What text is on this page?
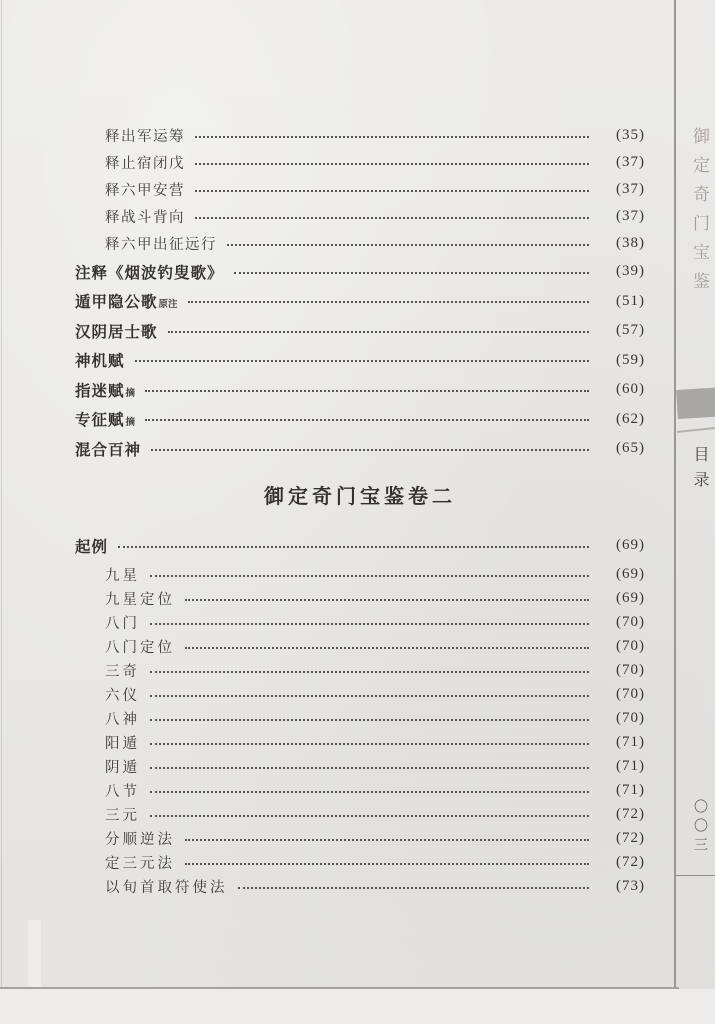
释出军运筹	(35)
释止宿闭戊	(37)
释六甲安营	(37)
释战斗背向	(37)
释六甲出征远行	(38)
注释《烟波钓叟歌》	(39)
遁甲隐公歌原注	(51)
汉阴居士歌	(57)
神机赋	(59)
指迷赋摘	(60)
专征赋摘	(62)
混合百神	(65)
御定奇门宝鉴卷二
起例	(69)
九星	(69)
九星定位	(69)
八门	(70)
八门定位	(70)
三奇	(70)
六仪	(70)
八神	(70)
阳遁	(71)
阴遁	(71)
八节	(71)
三元	(72)
分顺逆法	(72)
定三元法	(72)
以旬首取符使法	(73)
御定奇门宝鉴
目录
〇〇三
